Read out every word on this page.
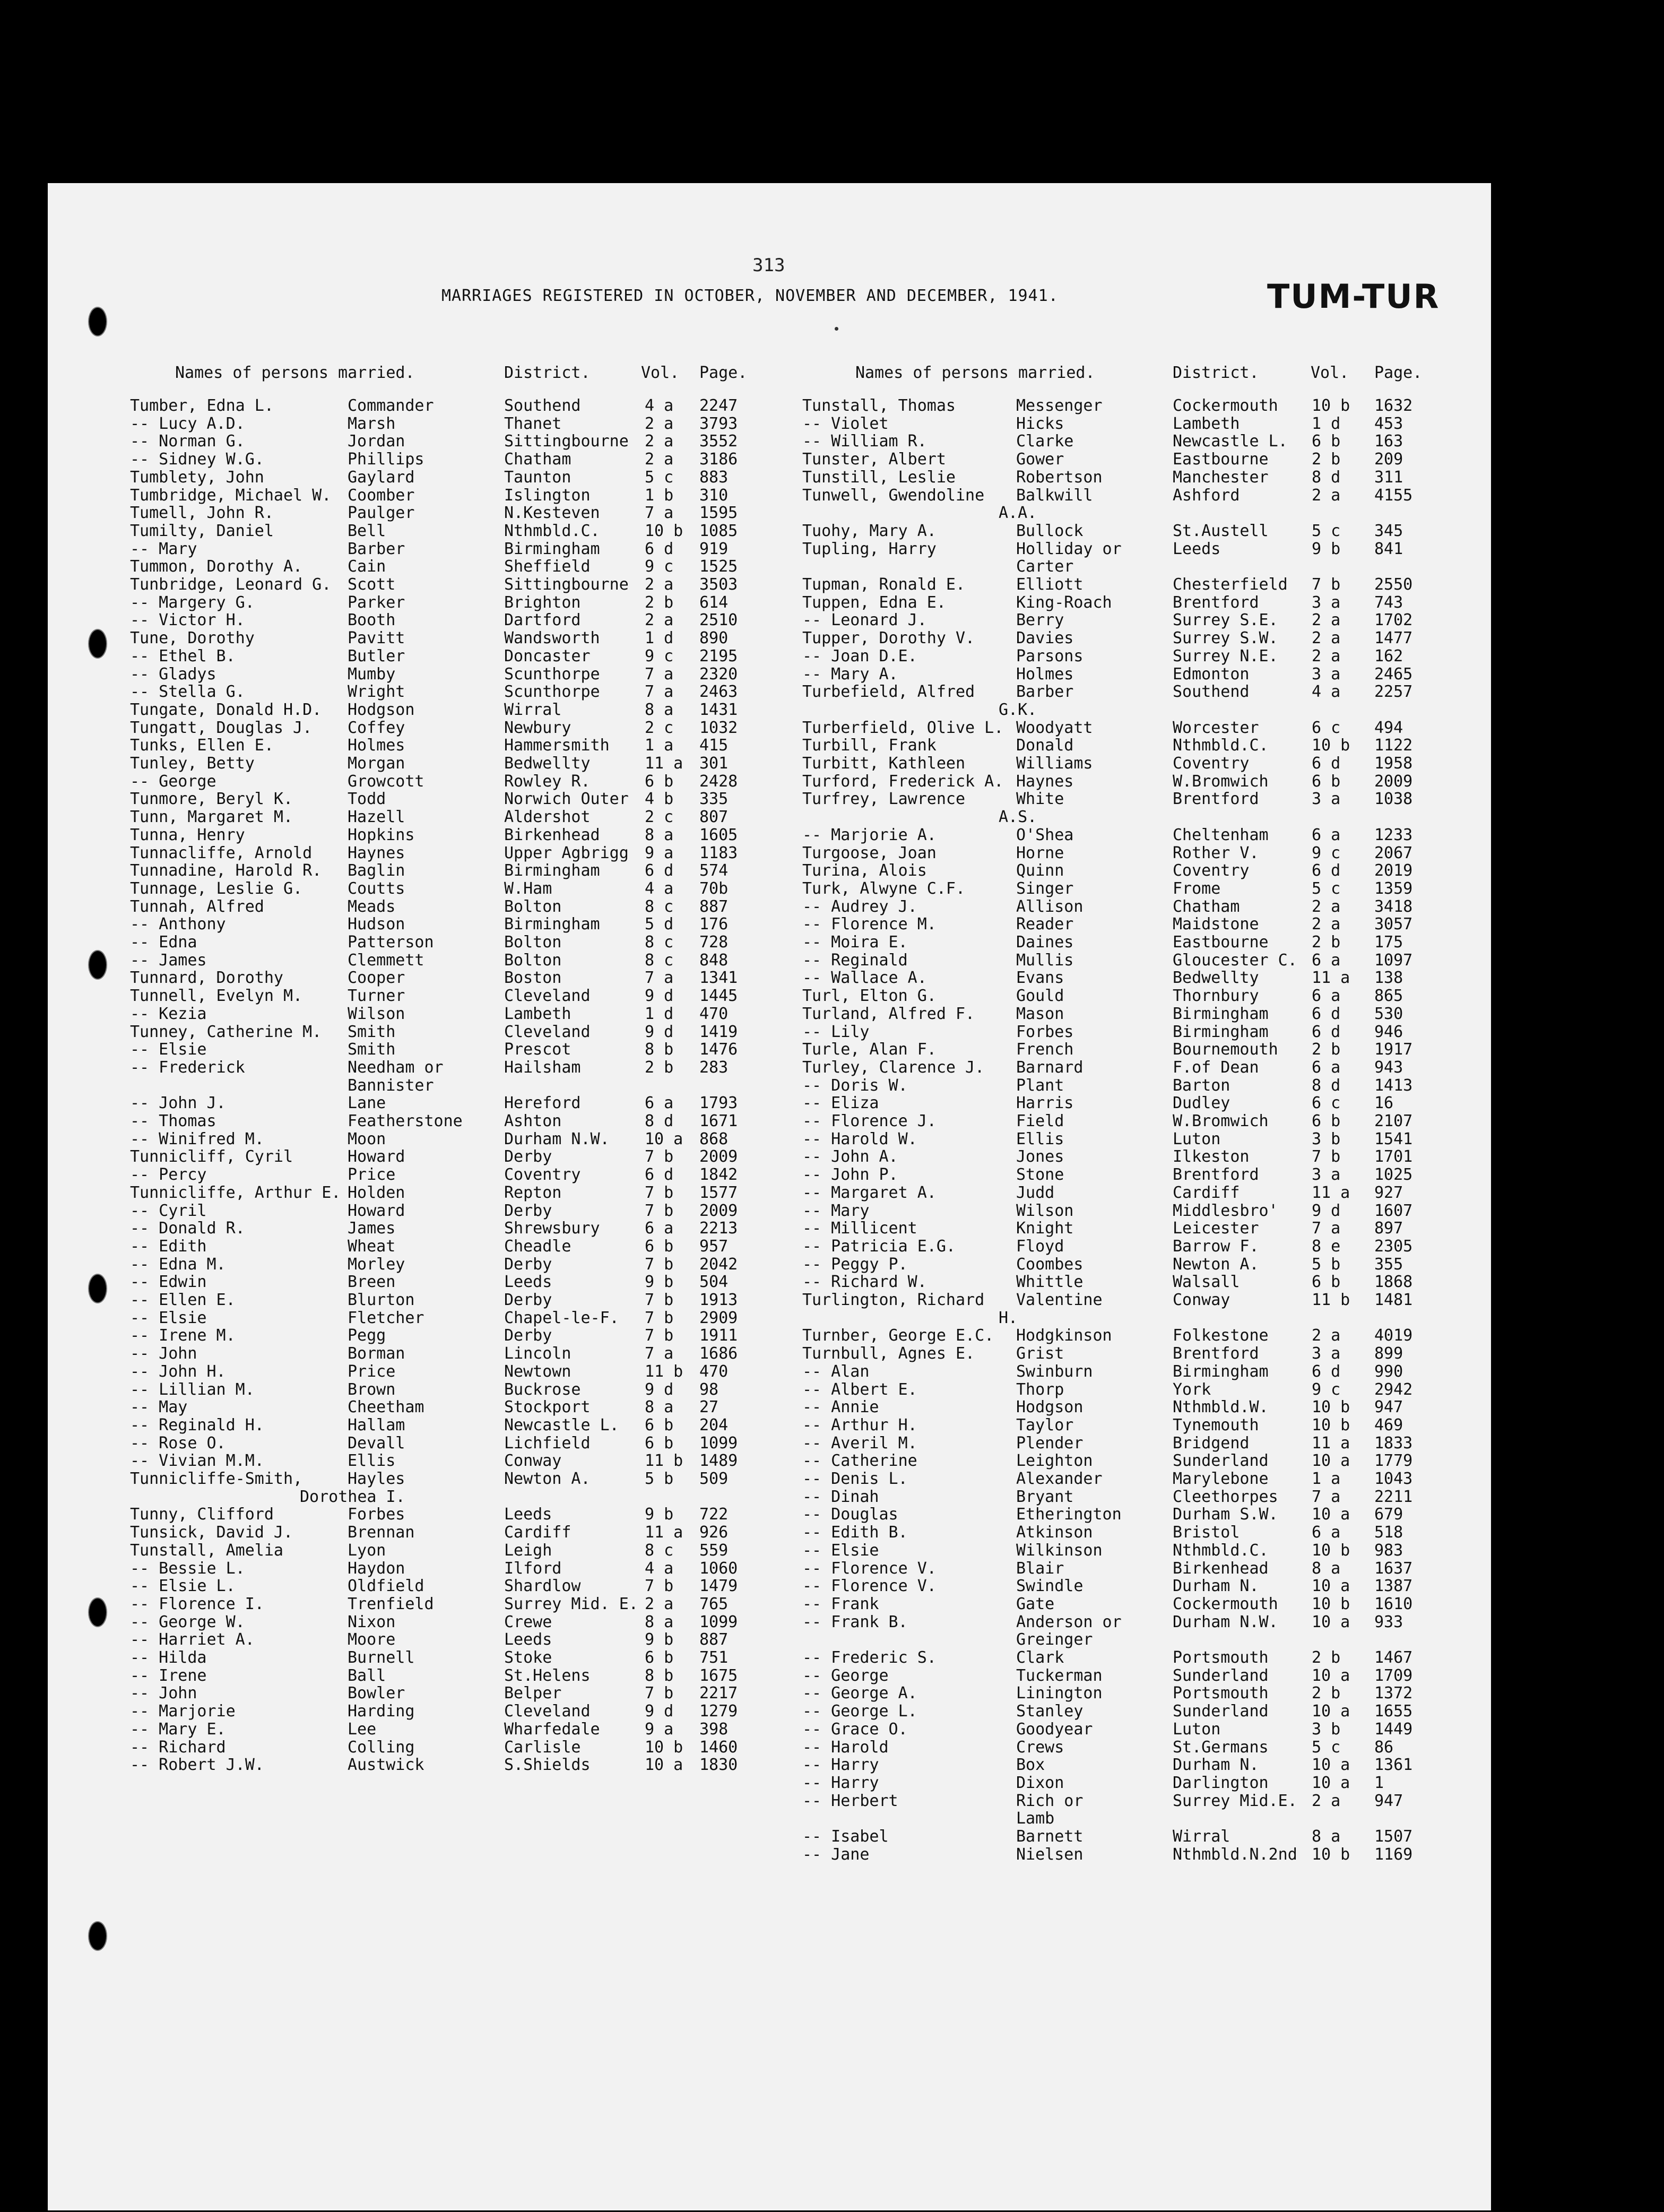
313
MARRIAGES REGISTERED IN OCTOBER, NOVEMBER AND DECEMBER, 1941.	TUM-TUR
Names of persons married.	District.	Vol. Page.	Names of persons married.	District.	Vol. Page.
Tumber, Edna L.	Commander	Southend	4 a 2247
-- Lucy A.D.	Marsh	Thanet	2 a 3793
-- Norman G.	Jordan	Sittingbourne 2 a 3552
-- Sidney W.G.	Phillips	Chatham	2 a 3186
Tumblety, John	Gaylard	Taunton	5 c 883
Tumbridge, Michael W. Coomber	Islington	1 b 310
Tumell, John R.	Paulger	N.Kesteven	7 a 1595
Tumilty, Daniel	Bell	Nthmbld.C.	10 b 1085
-- Mary	Barber	Birmingham	6 d 919
Tummon, Dorothy A.	Cain	Sheffield	9 c 1525
Tunbridge, Leonard G. Scott	Sittingbourne 2 a 3503
-- Margery G.	Parker	Brighton	2 b 614
-- Victor H.	Booth	Dartford	2 a 2510
Tune, Dorothy	Pavitt	Wandsworth	1 d 890
-- Ethel B.	Butler	Doncaster	9 c 2195
-- Gladys	Mumby	Scunthorpe	7 a 2320
-- Stella G.	Wright	Scunthorpe	7 a 2463
Tungate, Donald H.D. Hodgson	Wirral	8 a 1431
Tungatt, Douglas J. Coffey	Newbury	2 c 1032
Tunks, Ellen E.	Holmes	Hammersmith 1 a 415
Tunley, Betty	Morgan	Bedwellty	11 a 301
-- George	Growcott	Rowley R.	6 b 2428
Tunmore, Beryl K.	Todd	Norwich Outer 4 b 335
Tunn, Margaret M.	Hazell	Aldershot	2 c 807
Tunna, Henry	Hopkins	Birkenhead	8 a 1605
Tunnacliffe, Arnold Haynes	Upper Agbrigg 9 a 1183
Tunnadine, Harold R. Baglin	Birmingham	6 d 574
Tunnage, Leslie G.	Coutts	W.Ham	4 a 70b
Tunnah, Alfred	Meads	Bolton	8 c 887
-- Anthony	Hudson	Birmingham	5 d 176
-- Edna	Patterson	Bolton	8 c 728
-- James	Clemmett	Bolton	8 c 848
Tunnard, Dorothy	Cooper	Boston	7 a 1341
Tunnell, Evelyn M.	Turner	Cleveland	9 d 1445
-- Kezia	Wilson	Lambeth	1 d 470
Tunney, Catherine M. Smith	Cleveland	9 d 1419
-- Elsie	Smith	Prescot	8 b 1476
-- Frederick	Needham or	Hailsham	2 b 283
Bannister
-- John J.	Lane	Hereford	6 a 1793
-- Thomas	Featherstone	Ashton	8 d 1671
-- Winifred M.	Moon	Durham N.W. 10 a 868
Tunnicliff, Cyril	Howard	Derby	7 b 2009
-- Percy	Price	Coventry	6 d 1842
Tunnicliffe, Arthur E. Holden	Repton	7 b 1577
-- Cyril	Howard	Derby	7 b 2009
-- Donald R.	James	Shrewsbury	6 a 2213
-- Edith	Wheat	Cheadle	6 b 957
-- Edna M.	Morley	Derby	7 b 2042
-- Edwin	Breen	Leeds	9 b 504
-- Ellen E.	Blurton	Derby	7 b 1913
-- Elsie	Fletcher	Chapel-le-F. 7 b 2909
-- Irene M.	Pegg	Derby	7 b 1911
-- John	Borman	Lincoln	7 a 1686
-- John H.	Price	Newtown	11 b 470
-- Lillian M.	Brown	Buckrose	9 d 98
-- May	Cheetham	Stockport	8 a 27
-- Reginald H.	Hallam	Newcastle L. 6 b 204
-- Rose O.	Devall	Lichfield	6 b 1099
-- Vivian M.M.	Ellis	Conway	11 b 1489
Tunnicliffe-Smith,	Hayles	Newton A.	5 b 509
Dorothea I.
Tunny, Clifford	Forbes	Leeds	9 b 722
Tunsick, David J.	Brennan	Cardiff	11 a 926
Tunstall, Amelia	Lyon	Leigh	8 c 559
-- Bessie L.	Haydon	Ilford	4 a 1060
-- Elsie L.	Oldfield	Shardlow	7 b 1479
-- Florence I.	Trenfield	Surrey Mid. E. 2 a 765
-- George W.	Nixon	Crewe	8 a 1099
-- Harriet A.	Moore	Leeds	9 b 887
-- Hilda	Burnell	Stoke	6 b 751
-- Irene	Ball	St.Helens	8 b 1675
-- John	Bowler	Belper	7 b 2217
-- Marjorie	Harding	Cleveland	9 d 1279
-- Mary E.	Lee	Wharfedale	9 a 398
-- Richard	Colling	Carlisle	10 b 1460
-- Robert J.W.	Austwick	S.Shields	10 a 1830
Tunstall, Thomas	Messenger	Cockermouth 10 b 1632
-- Violet	Hicks	Lambeth	1 d 453
-- William R.	Clarke	Newcastle L. 6 b 163
Tunster, Albert	Gower	Eastbourne	2 b 209
Tunstill, Leslie	Robertson	Manchester	8 d 311
Tunwell, Gwendoline Balkwill	Ashford	2 a 4155
A.A.
Tuohy, Mary A.	Bullock	St.Austell	5 c 345
Tupling, Harry	Holliday or	Leeds	9 b 841
Carter
Tupman, Ronald E.	Elliott	Chesterfield 7 b 2550
Tuppen, Edna E.	King-Roach	Brentford	3 a 743
-- Leonard J.	Berry	Surrey S.E. 2 a 1702
Tupper, Dorothy V.	Davies	Surrey S.W. 2 a 1477
-- Joan D.E.	Parsons	Surrey N.E. 2 a 162
-- Mary A.	Holmes	Edmonton	3 a 2465
Turbefield, Alfred	Barber	Southend	4 a 2257
G.K.
Turberfield, Olive L. Woodyatt	Worcester	6 c 494
Turbill, Frank	Donald	Nthmbld.C.	10 b 1122
Turbitt, Kathleen	Williams	Coventry	6 d 1958
Turford, Frederick A. Haynes	W.Bromwich	6 b 2009
Turfrey, Lawrence	White	Brentford	3 a 1038
A.S.
-- Marjorie A.	O'Shea	Cheltenham	6 a 1233
Turgoose, Joan	Horne	Rother V.	9 c 2067
Turina, Alois	Quinn	Coventry	6 d 2019
Turk, Alwyne C.F.	Singer	Frome	5 c 1359
-- Audrey J.	Allison	Chatham	2 a 3418
-- Florence M.	Reader	Maidstone	2 a 3057
-- Moira E.	Daines	Eastbourne	2 b 175
-- Reginald	Mullis	Gloucester C. 6 a 1097
-- Wallace A.	Evans	Bedwellty	11 a 138
Turl, Elton G.	Gould	Thornbury	6 a 865
Turland, Alfred F.	Mason	Birmingham	6 d 530
-- Lily	Forbes	Birmingham	6 d 946
Turle, Alan F.	French	Bournemouth 2 b 1917
Turley, Clarence J. Barnard	F.of Dean	6 a 943
-- Doris W.	Plant	Barton	8 d 1413
-- Eliza	Harris	Dudley	6 c 16
-- Florence J.	Field	W.Bromwich	6 b 2107
-- Harold W.	Ellis	Luton	3 b 1541
-- John A.	Jones	Ilkeston	7 b 1701
-- John P.	Stone	Brentford	3 a 1025
-- Margaret A.	Judd	Cardiff	11 a 927
-- Mary	Wilson	Middlesbro' 9 d 1607
-- Millicent	Knight	Leicester	7 a 897
-- Patricia E.G.	Floyd	Barrow F.	8 e 2305
-- Peggy P.	Coombes	Newton A.	5 b 355
-- Richard W.	Whittle	Walsall	6 b 1868
Turlington, Richard Valentine	Conway	11 b 1481
H.
Turnber, George E.C. Hodgkinson	Folkestone	2 a 4019
Turnbull, Agnes E.	Grist	Brentford	3 a 899
-- Alan	Swinburn	Birmingham	6 d 990
-- Albert E.	Thorp	York	9 c 2942
-- Annie	Hodgson	Nthmbld.W.	10 b 947
-- Arthur H.	Taylor	Tynemouth	10 b 469
-- Averil M.	Plender	Bridgend	11 a 1833
-- Catherine	Leighton	Sunderland	10 a 1779
-- Denis L.	Alexander	Marylebone	1 a 1043
-- Dinah	Bryant	Cleethorpes 7 a 2211
-- Douglas	Etherington	Durham S.W. 10 a 679
-- Edith B.	Atkinson	Bristol	6 a 518
-- Elsie	Wilkinson	Nthmbld.C.	10 b 983
-- Florence V.	Blair	Birkenhead	8 a 1637
-- Florence V.	Swindle	Durham N.	10 a 1387
-- Frank	Gate	Cockermouth 10 b 1610
-- Frank B.	Anderson or	Durham N.W. 10 a 933
Greinger
-- Frederic S.	Clark	Portsmouth	2 b 1467
-- George	Tuckerman	Sunderland	10 a 1709
-- George A.	Linington	Portsmouth	2 b 1372
-- George L.	Stanley	Sunderland	10 a 1655
-- Grace O.	Goodyear	Luton	3 b 1449
-- Harold	Crews	St.Germans	5 c 86
-- Harry	Box	Durham N.	10 a 1361
-- Harry	Dixon	Darlington	10 a 1
-- Herbert	Rich or	Surrey Mid.E. 2 a 947
Lamb
-- Isabel	Barnett	Wirral	8 a 1507
-- Jane	Nielsen	Nthmbld.N.2nd 10 b 1169
